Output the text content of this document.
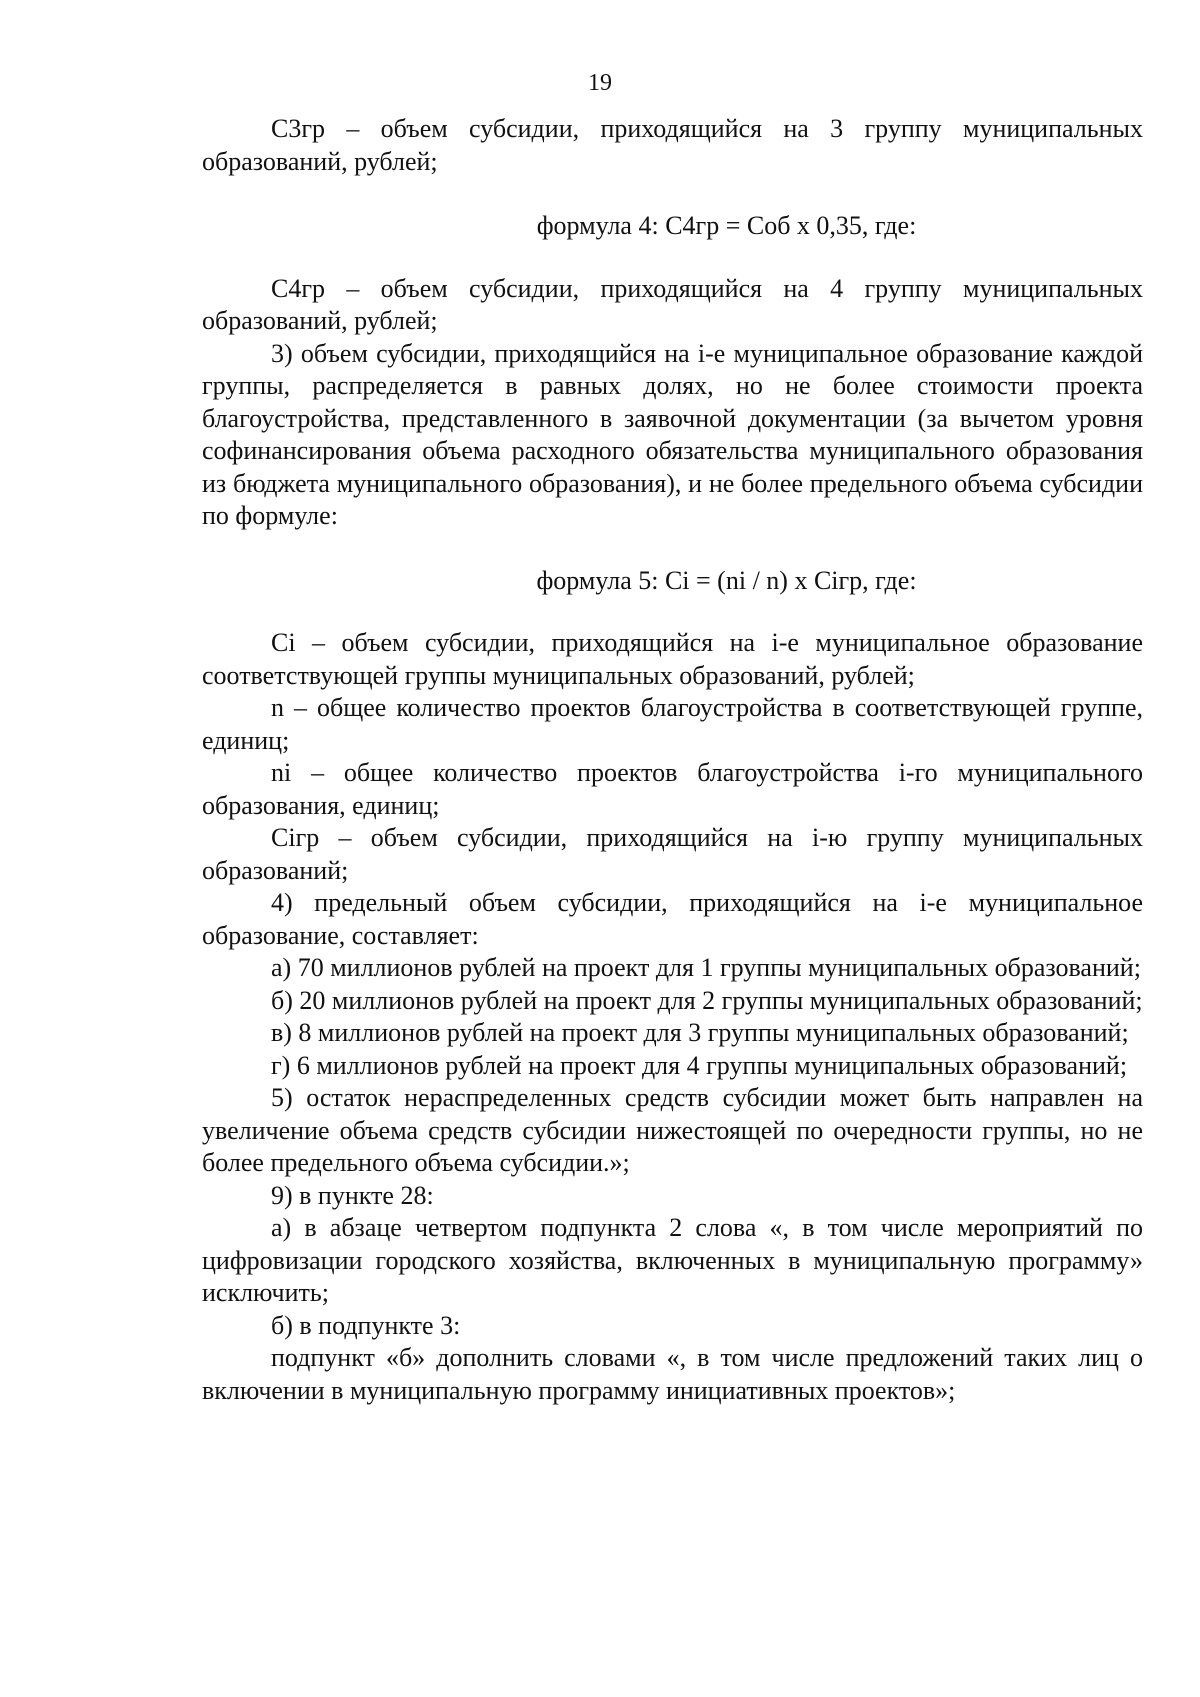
19

С3гр – объем субсидии, приходящийся на 3 группу муниципальных образований, рублей;

формула 4: С4гр = Соб х 0,35, где:

С4гр – объем субсидии, приходящийся на 4 группу муниципальных образований, рублей;

3) объем субсидии, приходящийся на i-е муниципальное образование каждой группы, распределяется в равных долях, но не более стоимости проекта благоустройства, представленного в заявочной документации (за вычетом уровня софинансирования объема расходного обязательства муниципального образования из бюджета муниципального образования), и не более предельного объема субсидии по формуле:

формула 5: Сi = (ni / n) х Сiгр, где:

Сi – объем субсидии, приходящийся на i-е муниципальное образование соответствующей группы муниципальных образований, рублей;

n – общее количество проектов благоустройства в соответствующей группе, единиц;

ni – общее количество проектов благоустройства i-го муниципального образования, единиц;

Сiгр – объем субсидии, приходящийся на i-ю группу муниципальных образований;

4) предельный объем субсидии, приходящийся на i-е муниципальное образование, составляет:

а) 70 миллионов рублей на проект для 1 группы муниципальных образований;

б) 20 миллионов рублей на проект для 2 группы муниципальных образований;

в) 8 миллионов рублей на проект для 3 группы муниципальных образований;

г) 6 миллионов рублей на проект для 4 группы муниципальных образований;

5) остаток нераспределенных средств субсидии может быть направлен на увеличение объема средств субсидии нижестоящей по очередности группы, но не более предельного объема субсидии.»;

9) в пункте 28:

а) в абзаце четвертом подпункта 2 слова «, в том числе мероприятий по цифровизации городского хозяйства, включенных в муниципальную программу» исключить;

б) в подпункте 3:

подпункт «б» дополнить словами «, в том числе предложений таких лиц о включении в муниципальную программу инициативных проектов»;
